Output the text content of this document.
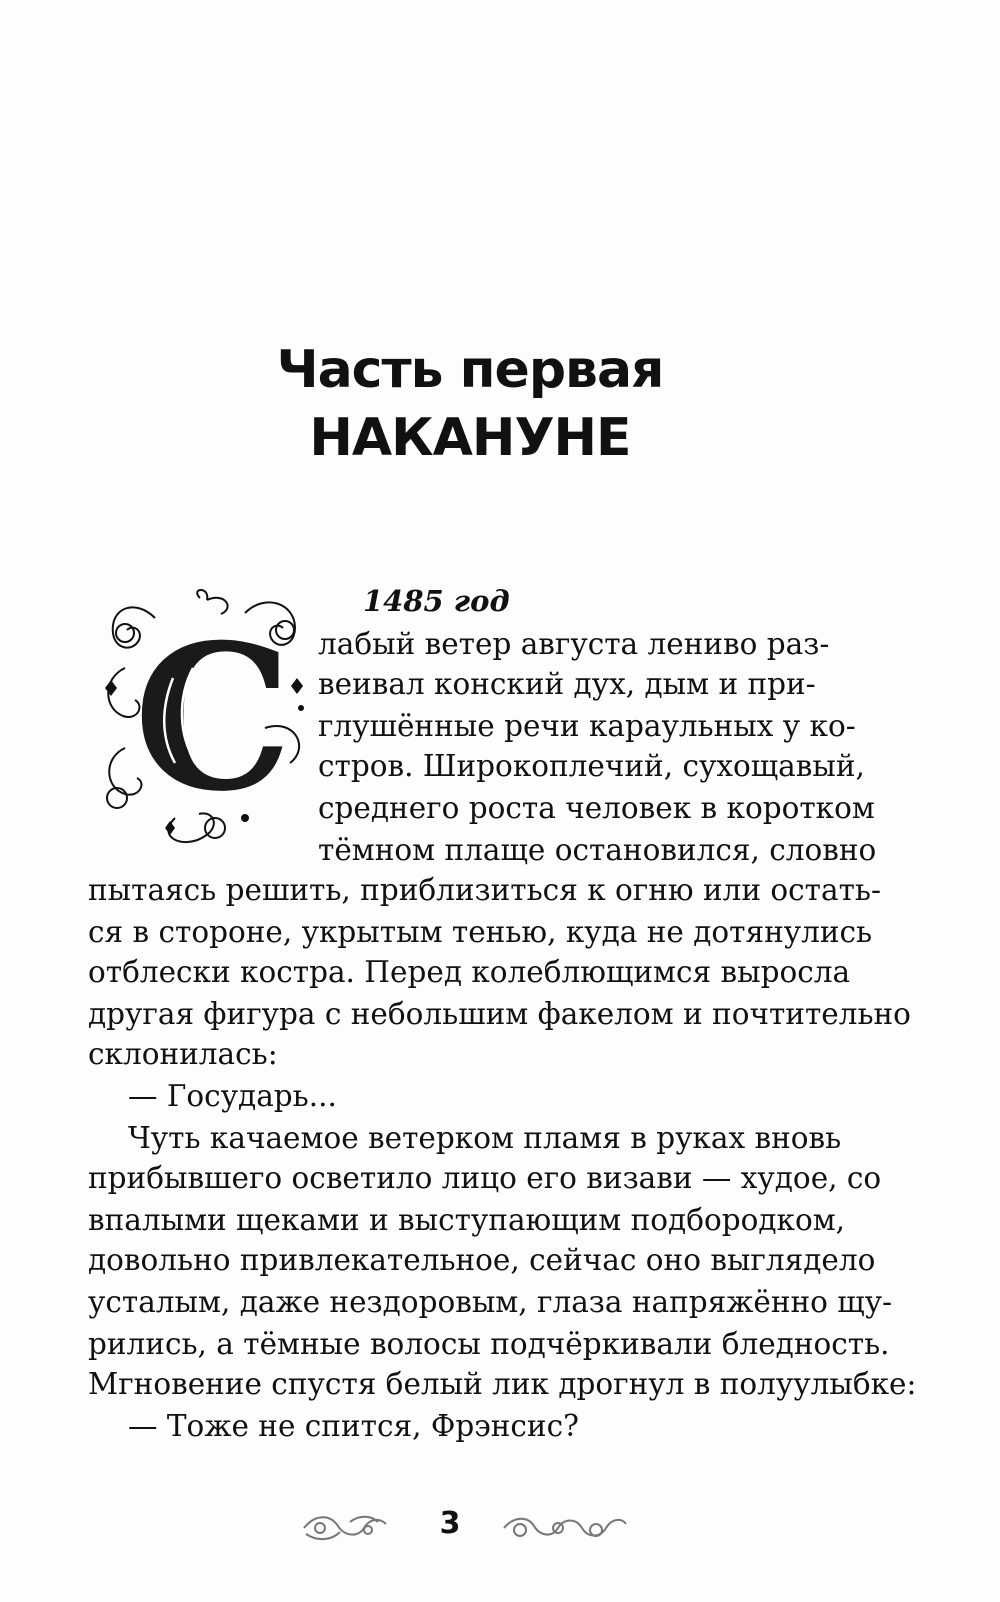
Часть первая
НАКАНУНЕ
С 1485 год
лабый ветер августа лениво раз-
веивал конский дух, дым и при-
глушённые речи караульных у ко-
стров. Широкоплечий, сухощавый,
среднего роста человек в коротком
тёмном плаще остановился, словно
пытаясь решить, приблизиться к огню или остать-
ся в стороне, укрытым тенью, куда не дотянулись
отблески костра. Перед колеблющимся выросла
другая фигура с небольшим факелом и почтительно
склонилась:
— Государь...
Чуть качаемое ветерком пламя в руках вновь
прибывшего осветило лицо его визави — худое, со
впалыми щеками и выступающим подбородком,
довольно привлекательное, сейчас оно выглядело
усталым, даже нездоровым, глаза напряжённо щу-
рились, а тёмные волосы подчёркивали бледность.
Мгновение спустя белый лик дрогнул в полуулыбке:
— Тоже не спится, Фрэнсис?
3
